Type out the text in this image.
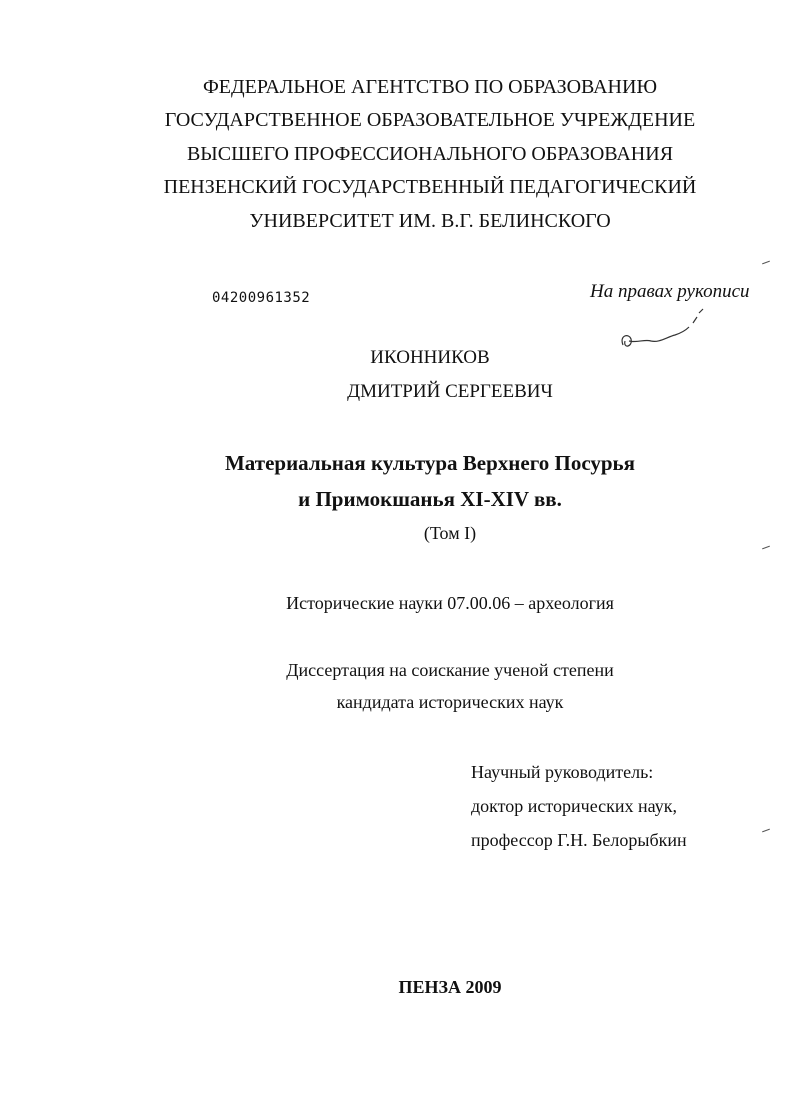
ФЕДЕРАЛЬНОЕ АГЕНТСТВО ПО ОБРАЗОВАНИЮ
ГОСУДАРСТВЕННОЕ ОБРАЗОВАТЕЛЬНОЕ УЧРЕЖДЕНИЕ
ВЫСШЕГО ПРОФЕССИОНАЛЬНОГО ОБРАЗОВАНИЯ
ПЕНЗЕНСКИЙ ГОСУДАРСТВЕННЫЙ ПЕДАГОГИЧЕСКИЙ
УНИВЕРСИТЕТ ИМ. В.Г. БЕЛИНСКОГО
04200961352	На правах рукописи
ИКОННИКОВ
ДМИТРИЙ СЕРГЕЕВИЧ
Материальная культура Верхнего Посурья
и Примокшанья XI-XIV вв.
(Том I)
Исторические науки 07.00.06 – археология
Диссертация на соискание ученой степени
кандидата исторических наук
Научный руководитель:
доктор исторических наук,
профессор Г.Н. Белорыбкин
ПЕНЗА 2009
